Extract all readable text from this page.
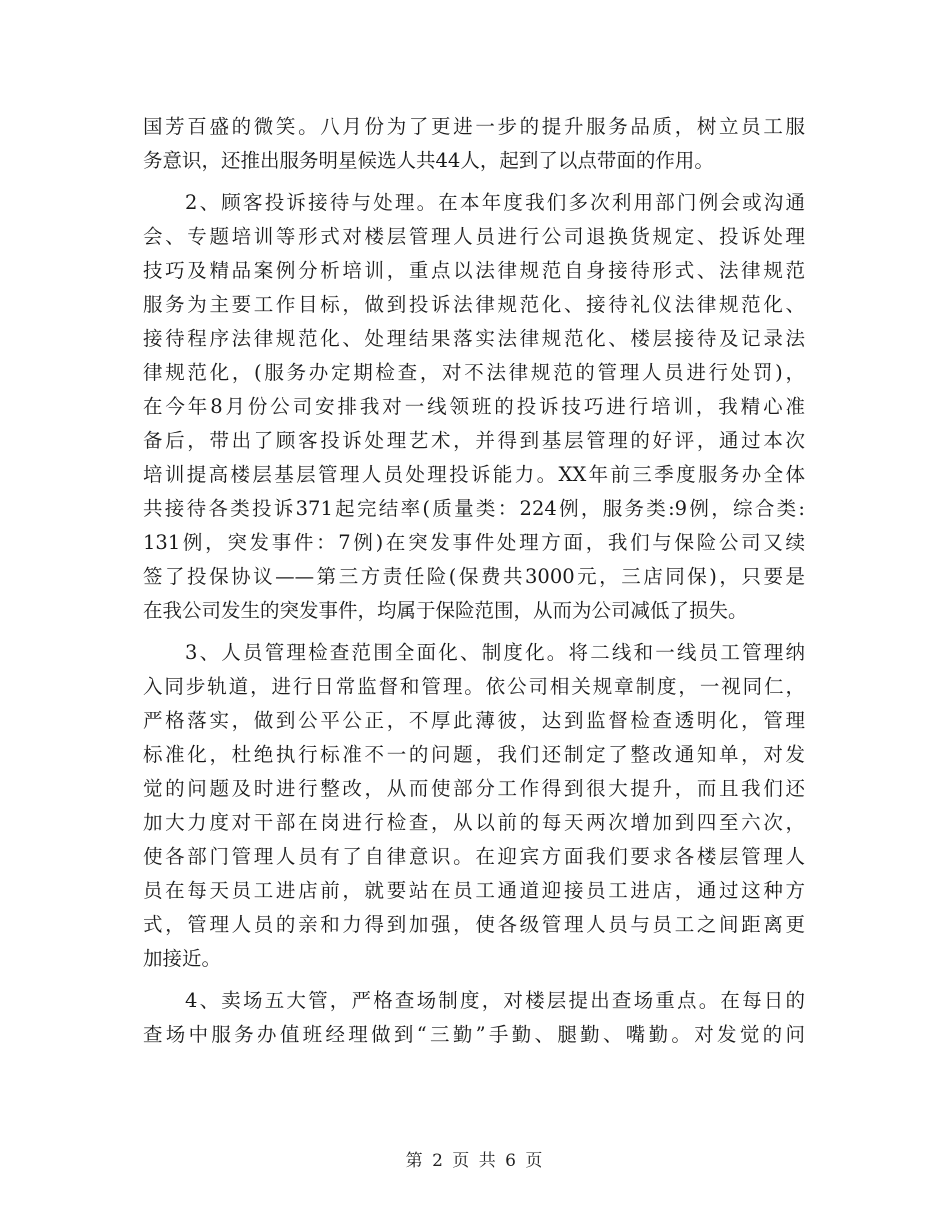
国芳百盛的微笑。八月份为了更进一步的提升服务品质，树立员工服
务意识，还推出服务明星候选人共44人，起到了以点带面的作用。
2、顾客投诉接待与处理。在本年度我们多次利用部门例会或沟通
会、专题培训等形式对楼层管理人员进行公司退换货规定、投诉处理
技巧及精品案例分析培训，重点以法律规范自身接待形式、法律规范
服务为主要工作目标，做到投诉法律规范化、接待礼仪法律规范化、
接待程序法律规范化、处理结果落实法律规范化、楼层接待及记录法
律规范化，(服务办定期检查，对不法律规范的管理人员进行处罚)，
在今年8月份公司安排我对一线领班的投诉技巧进行培训，我精心准
备后，带出了顾客投诉处理艺术，并得到基层管理的好评，通过本次
培训提高楼层基层管理人员处理投诉能力。XX年前三季度服务办全体
共接待各类投诉371起完结率(质量类：224例，服务类:9例，综合类:
131例，突发事件：7例)在突发事件处理方面，我们与保险公司又续
签了投保协议——第三方责任险(保费共3000元，三店同保)，只要是
在我公司发生的突发事件，均属于保险范围，从而为公司减低了损失。
3、人员管理检查范围全面化、制度化。将二线和一线员工管理纳
入同步轨道，进行日常监督和管理。依公司相关规章制度，一视同仁，
严格落实，做到公平公正，不厚此薄彼，达到监督检查透明化，管理
标准化，杜绝执行标准不一的问题，我们还制定了整改通知单，对发
觉的问题及时进行整改，从而使部分工作得到很大提升，而且我们还
加大力度对干部在岗进行检查，从以前的每天两次增加到四至六次，
使各部门管理人员有了自律意识。在迎宾方面我们要求各楼层管理人
员在每天员工进店前，就要站在员工通道迎接员工进店，通过这种方
式，管理人员的亲和力得到加强，使各级管理人员与员工之间距离更
加接近。
4、卖场五大管，严格查场制度，对楼层提出查场重点。在每日的
查场中服务办值班经理做到“三勤”手勤、腿勤、嘴勤。对发觉的问
第 2 页 共 6 页
